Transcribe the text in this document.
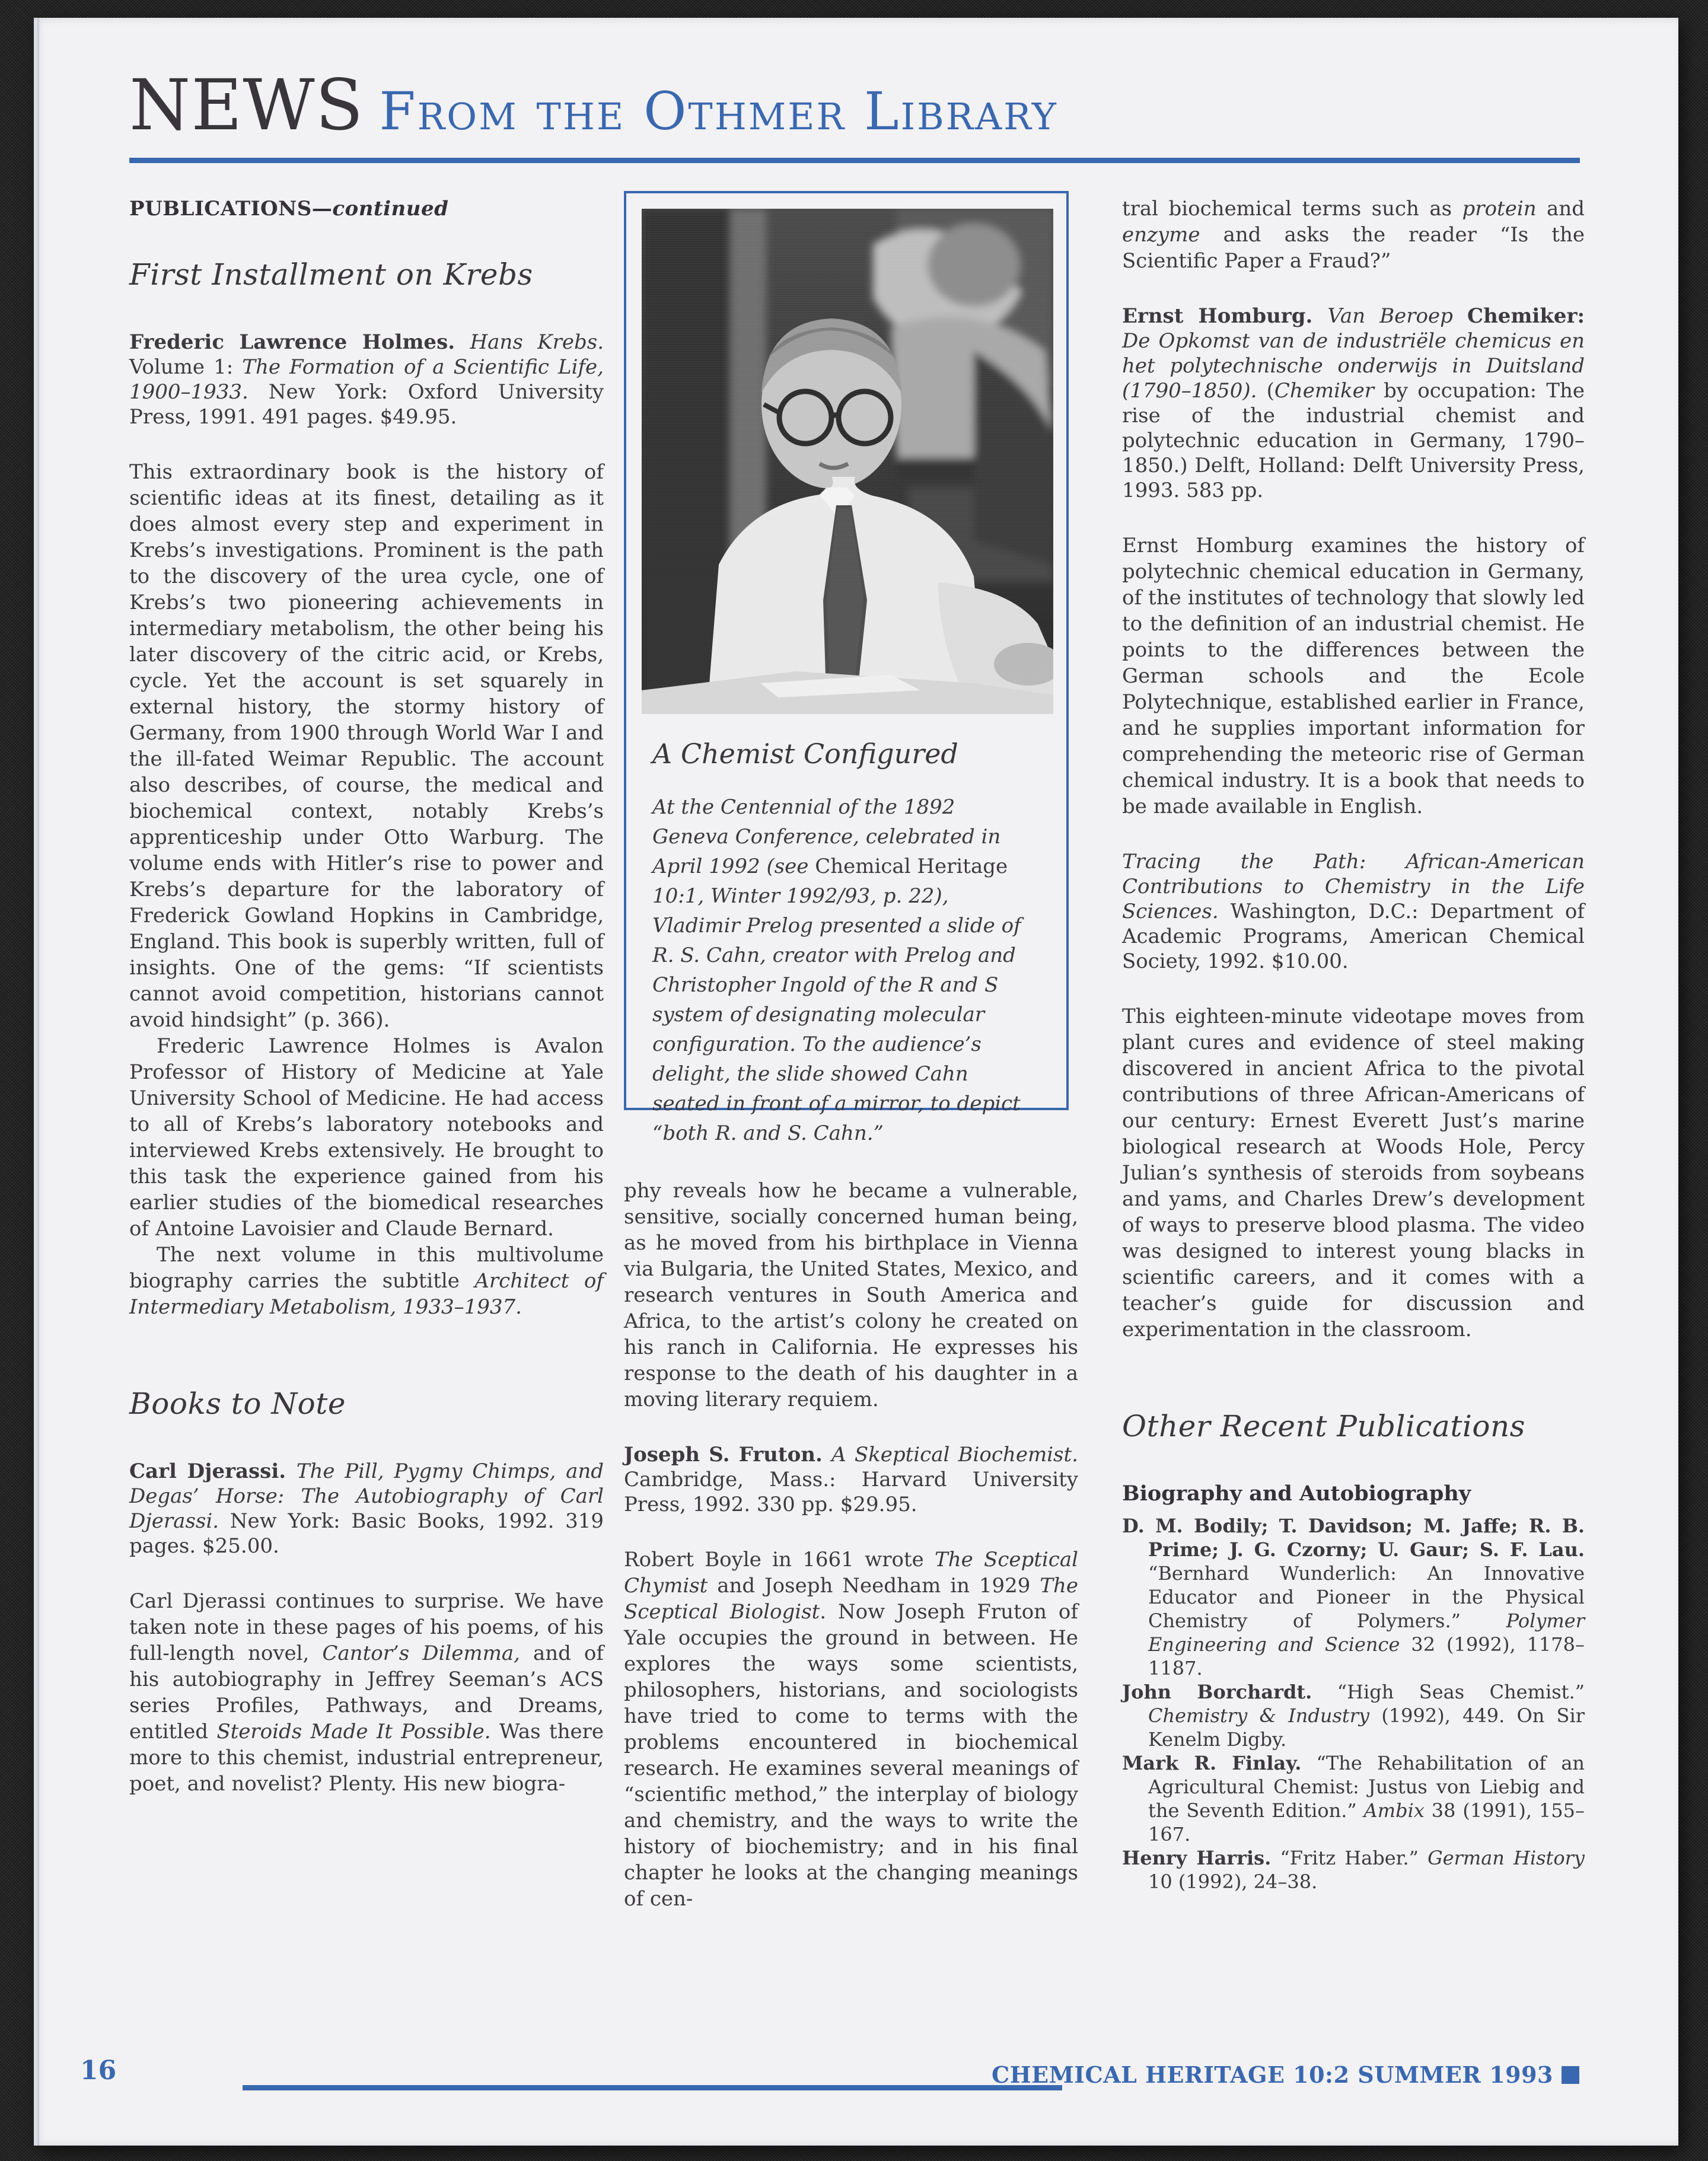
NEWS From the Othmer Library

PUBLICATIONS—continued

First Installment on Krebs

Frederic Lawrence Holmes. Hans Krebs. Volume 1: The Formation of a Scientific Life, 1900–1933. New York: Oxford University Press, 1991. 491 pages. $49.95.

This extraordinary book is the history of scientific ideas at its finest, detailing as it does almost every step and experiment in Krebs’s investigations. Prominent is the path to the discovery of the urea cycle, one of Krebs’s two pioneering achievements in intermediary metabolism, the other being his later discovery of the citric acid, or Krebs, cycle. Yet the account is set squarely in external history, the stormy history of Germany, from 1900 through World War I and the ill-fated Weimar Republic. The account also describes, of course, the medical and biochemical context, notably Krebs’s apprenticeship under Otto Warburg. The volume ends with Hitler’s rise to power and Krebs’s departure for the laboratory of Frederick Gowland Hopkins in Cambridge, England. This book is superbly written, full of insights. One of the gems: “If scientists cannot avoid competition, historians cannot avoid hindsight” (p. 366).

Frederic Lawrence Holmes is Avalon Professor of History of Medicine at Yale University School of Medicine. He had access to all of Krebs’s laboratory notebooks and interviewed Krebs extensively. He brought to this task the experience gained from his earlier studies of the biomedical researches of Antoine Lavoisier and Claude Bernard.

The next volume in this multivolume biography carries the subtitle Architect of Intermediary Metabolism, 1933–1937.

Books to Note

Carl Djerassi. The Pill, Pygmy Chimps, and Degas’ Horse: The Autobiography of Carl Djerassi. New York: Basic Books, 1992. 319 pages. $25.00.

Carl Djerassi continues to surprise. We have taken note in these pages of his poems, of his full-length novel, Cantor’s Dilemma, and of his autobiography in Jeffrey Seeman’s ACS series Profiles, Pathways, and Dreams, entitled Steroids Made It Possible. Was there more to this chemist, industrial entrepreneur, poet, and novelist? Plenty. His new biogra-

A Chemist Configured

At the Centennial of the 1892 Geneva Conference, celebrated in April 1992 (see Chemical Heritage 10:1, Winter 1992/93, p. 22), Vladimir Prelog presented a slide of R. S. Cahn, creator with Prelog and Christopher Ingold of the R and S system of designating molecular configuration. To the audience’s delight, the slide showed Cahn seated in front of a mirror, to depict “both R. and S. Cahn.”

phy reveals how he became a vulnerable, sensitive, socially concerned human being, as he moved from his birthplace in Vienna via Bulgaria, the United States, Mexico, and research ventures in South America and Africa, to the artist’s colony he created on his ranch in California. He expresses his response to the death of his daughter in a moving literary requiem.

Joseph S. Fruton. A Skeptical Biochemist. Cambridge, Mass.: Harvard University Press, 1992. 330 pp. $29.95.

Robert Boyle in 1661 wrote The Sceptical Chymist and Joseph Needham in 1929 The Sceptical Biologist. Now Joseph Fruton of Yale occupies the ground in between. He explores the ways some scientists, philosophers, historians, and sociologists have tried to come to terms with the problems encountered in biochemical research. He examines several meanings of “scientific method,” the interplay of biology and chemistry, and the ways to write the history of biochemistry; and in his final chapter he looks at the changing meanings of cen-

tral biochemical terms such as protein and enzyme and asks the reader “Is the Scientific Paper a Fraud?”

Ernst Homburg. Van Beroep Chemiker: De Opkomst van de industriële chemicus en het polytechnische onderwijs in Duitsland (1790–1850). (Chemiker by occupation: The rise of the industrial chemist and polytechnic education in Germany, 1790–1850.) Delft, Holland: Delft University Press, 1993. 583 pp.

Ernst Homburg examines the history of polytechnic chemical education in Germany, of the institutes of technology that slowly led to the definition of an industrial chemist. He points to the differences between the German schools and the Ecole Polytechnique, established earlier in France, and he supplies important information for comprehending the meteoric rise of German chemical industry. It is a book that needs to be made available in English.

Tracing the Path: African-American Contributions to Chemistry in the Life Sciences. Washington, D.C.: Department of Academic Programs, American Chemical Society, 1992. $10.00.

This eighteen-minute videotape moves from plant cures and evidence of steel making discovered in ancient Africa to the pivotal contributions of three African-Americans of our century: Ernest Everett Just’s marine biological research at Woods Hole, Percy Julian’s synthesis of steroids from soybeans and yams, and Charles Drew’s development of ways to preserve blood plasma. The video was designed to interest young blacks in scientific careers, and it comes with a teacher’s guide for discussion and experimentation in the classroom.

Other Recent Publications
Biography and Autobiography
D. M. Bodily; T. Davidson; M. Jaffe; R. B. Prime; J. G. Czorny; U. Gaur; S. F. Lau. “Bernhard Wunderlich: An Innovative Educator and Pioneer in the Physical Chemistry of Polymers.” Polymer Engineering and Science 32 (1992), 1178–1187.
John Borchardt. “High Seas Chemist.” Chemistry & Industry (1992), 449. On Sir Kenelm Digby.
Mark R. Finlay. “The Rehabilitation of an Agricultural Chemist: Justus von Liebig and the Seventh Edition.” Ambix 38 (1991), 155–167.
Henry Harris. “Fritz Haber.” German History 10 (1992), 24–38.
16	CHEMICAL HERITAGE 10:2 SUMMER 1993
